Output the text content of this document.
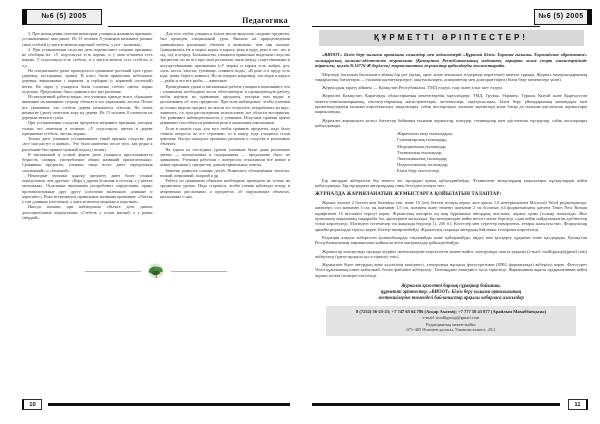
№6 (5) 2005	Педагогика

3. При нахождении отличия некоторые учащиеся называли признаки, установленные ими ранее. Из 13 человек 8 учеников называют разные типы стеблей (у мать-и-мачехи короткий стебель, у роз - колючки).

4. При установлении сходства дети перечисляют сходные признаки, не обобщая их: «У подсолнуха есть корень, и у мать-и-мачехи есть корень. У подсолнуха есть стебель, и у мать-и-мачехи есть стебель» и т.д.

На специальном уроке проводилось сравнение растений трех групп (деревья, кустарники, травы). В класс были принесены небольшие деревца, выкопанные с корнями, и гербарии (с корневой системой) ветки. На парте у учащихся были сложены стебли, цветы, корни отдельно. Предложено было сравнить все три растения.

Из письменной работы видно, что ученики, прежде всего, обращают внимание на внешнюю сторону объекта и его украшения, листья. Почти все указывают, что стебель дерева называется стволом. Но очень немногие (двое) отметили кору на дереве. Из 13 человек 8 отметили на деревьях ветки и сучья.

При установлении сходства предметов называют признаки, которые только что отмечали в отличие: «У подсолнуха, цветка и дерева одинаковые стебель, листья, корни».

Только двое учеников устанавливают такой признак сходства, как «все они растут и живые». Это было намечено после того, как редко к растениям был привит нужный подход (полив).

В письменной и устной форме речи учащихся прослеживается бедность словаря, употребление общих названий прилагательных. Сравнивая предметы, ученики чаще всего дают определения «маленький» и «большой».

Некоторые ученики одному предмету дают более точные определения, чем другому: «Кора у дерева большая и толстая, а у цветка маленькая». Отдельные школьники употребляют определения, прямо противоположные друг другу («листики маленькие, длинные и короткие»). Реже встречаются правильные названия признаков: «Листья у ели длинные (иголочки), у мать-и-мачехи широкие и короткие».

Иногда помимо при наблюдении объекта дети давали дополнительные определения: «Стебель у осоки мягкий, а у репки твёрдый».

Для того чтобы учащиеся лучше могли выделить сходные предметы, был проведён специальный урок. Вначале на природоведении сравнивались различные объекты и животные, чем они похожи. Сравнивались ёж и норка, норка и карась, река и пруд, река и лес, лес и сад, сад и огород. Большинство учащихся правильно выделяли сходство предметов, но не все при этом различали связь между существенными и несущественными признаками («У моржа и карася есть жабры, рот, глаза, кости, хвосты, туловище, плавают, вода», «В реке и в пруду есть вода, трава, берега, камни»). Но не говорят, например, что морж и карась — рыбы и что все рыбы — животные.

Проведённые уроки и письменные работы учащихся показывают, что с учениками необходимо вести облегчающую и организующую работу, чтобы научить их сравнивать предметы, которые они видят, и рассказывать об этих предметах. При этом наблюдение, чтобы ученики не только видели предмет, но могли его потрогать, попробовать на вкус, понюхать, т.е. при рассмотрении использовать все области восприятия. Это развивает наблюдательность у учеников. Искусные приёмы прямо развивают способности развития речи и мышления школьников.

Если в начале года, для того чтобы сравнить предметы, надо было ставить вопросы по его строению, то к концу года учащиеся стали довольно быстро находить признаки различия и сходства в различных объектах.

На одном из последних уроков ученикам были даны различные цветки — колокольчика и подорожника — предложено было их сравнивать. Ученики работали с интересом, отыскивали всё новые и новые признаки у предметов, давали правильные ответы.

Заметно развился словарь детей. Появились обогащённые эпитеты: тонкий, шершавый, гладкий и др.

Работу по сравнению объектов необходимо проводить не только на предметных уроках. Надо стараться, чтобы ученик наблюдал всюду и непременно рассказывал о предметах, об окружающих объектах, рассказывал о них.

10
№6 (5) 2005
ҚҰРМЕТТІ ӘРІПТЕСТЕР!

«ВИООТ» Білім беру ғылыми орталығы ғалымдар мен педагогтерді «Құралай Білім. Евразия ғылымы. Евразийское образование» халықаралық ғылыми-әдістемелік журналына (Қазақстан Республикасының мәдениет, ақпарат және спорт министрлігінде тіркелген, куәлік №14776-Ж берілген) жарияланатын жұмыстар қабылдауды жалғастырады.

Мерзімді басылым басылымға айына бір рет (қазақ, орыс және ағылшын тілдерінде керегінше) шығып тұрады. Журнал материалдарының тақырыптық бағыттары — ғылыми қызметкерлерге, оқытушыларға, аспиранттар мен докторанттарға (білім беру мекемелері үшін).

Журналдың тарату аймағы — Қазақстан Республикасы, ТМД елдері, таяу және алыс шет елдері.

Журналға Қазақстан, Қарағанды облыстарының мектептерінің мұғалімдері, ТМД, Грузия, Украина, Түркия, Қытай және Қырғызстан мектеп-гимназияларының, институттарының магистранттары, жетекшілері, оқытушылары, Білім беру ұйымдарының мамандары мен қызметкерлерінің ғылыми көрсеткіштері, мақалалары, сабақ жоспарлары, ғылыми әңгімелері және басқа да ғылыми-әдістемелік жұмыстары жарияланады.

Журналға жариялауға келесі бағыттар бойынша ғылыми жұмыстар, өлеңдер, семинарлар мен әдістемелік нұсқаулар, сабақ жоспарлары қабылданады:

Жаратылыстану ғылымдары;
Гуманитарлық ғылымдар;
Медициналық ғылымдар;
Техникалық ғылымдар;
Экономикалық ғылымдар;
Педагогикалық ғылымдар;
Білім беру мәселелері.

Бір автордан жіберілген бір немесе екі нұсқадан артық қабылданбайды. Ұсынылған авторлардың мақалалары нұсқаулардан кейін қабылданады. Бір нұсқадағы авторлардың саны бесеуден аспауы тиіс.

ЖУРНАЛДА ЖАРИЯЛАНАТЫН ЖҰМЫСТАРҒА ҚОЙЫЛАТЫН ТАЛАПТАР:

Жұмыс көлемі 2 беттен кем болмауы тиіс және 10 (он) беттен аспауы керек, жол арасы 1,0 интервалымен Microsoft Word редакторында, жиектері: сол жағынан 3 см, оң жағынан 1,5 см, жоғарғы және төменгі жағынан 2 см болатын А4 форматындағы қағазға Times New Roman шрифтімен 14 кегльмен терілуі керек. Жұмыстың жоғарғы оң жақ бұрышына автордың аты-жөні, жұмыс орны (толық) жазылады. Жол ортасынан мақаланың тақырыбы бас әріптермен жазылады. Бір интервалдан кейін негізгі мәтін беріледі, одан кейін пайдаланылған әдебиеттер тізімі көрсетіледі. Мәтіндегі сілтемелер тік жақшада беріледі [1, 256 б.]. Кестелер мен суреттер нөмірленіп, аттары жазылуы тиіс. Формулалар арнайы редакторда терілуі керек. Беттер нөмірленбейді. Жұмыстың соңында автордың байланыс телефоны көрсетіледі.

Редакция алқасы жіберілген қолжазбаларды сақтамайды және қайтармайды, өңдеу мен қысқарту құқығын өзіне қалдырады. Қазақстан Республикасының заңнамасына қайшы келетін материалдар қабылданбайды.

Жұмыстар электронды нұсқада журнал жетекшілеріне көрсетілген мекен-жайға, электронды пошта арқылы (e-mail: modligroup@gmail.com) жіберіледі (қағаз нұсқасы қоса тіркелуі тиіс).

Жұмыспен бірге автордың жеке куәлігінің көшірмесі, электронды нұсқасы фотосуретімен (JPEG форматында) жіберілуі керек. Фотосурет Word құжатының ішіне қойылмай, бөлек файлмен жіберіледі. Төлемқұжат көшірмесі қоса тіркеледі. Жарияланым ақысы аударылғаннан кейін жұмыс кезекті нөмірге енгізіледі.

Журналға қажетті барлық сұрақтар бойынша,
құрметті әріптестер, «ВИООТ» Білім беру ғылыми орталығының
жетекшілеріне төмендегі байланыстар арқылы хабарласа аласыздар
8 (7232) 56-25-25; +7 747 65 64 786 (Асқар Ахатов); +7 777 58 43 877 (Арайлым Махаббатқызы)
e-mail: modligroup@gmail.com
Редакцияның мекен-жайы:
071-405 Өскемен қаласы, Ушанова көшесі, 45/2
11
